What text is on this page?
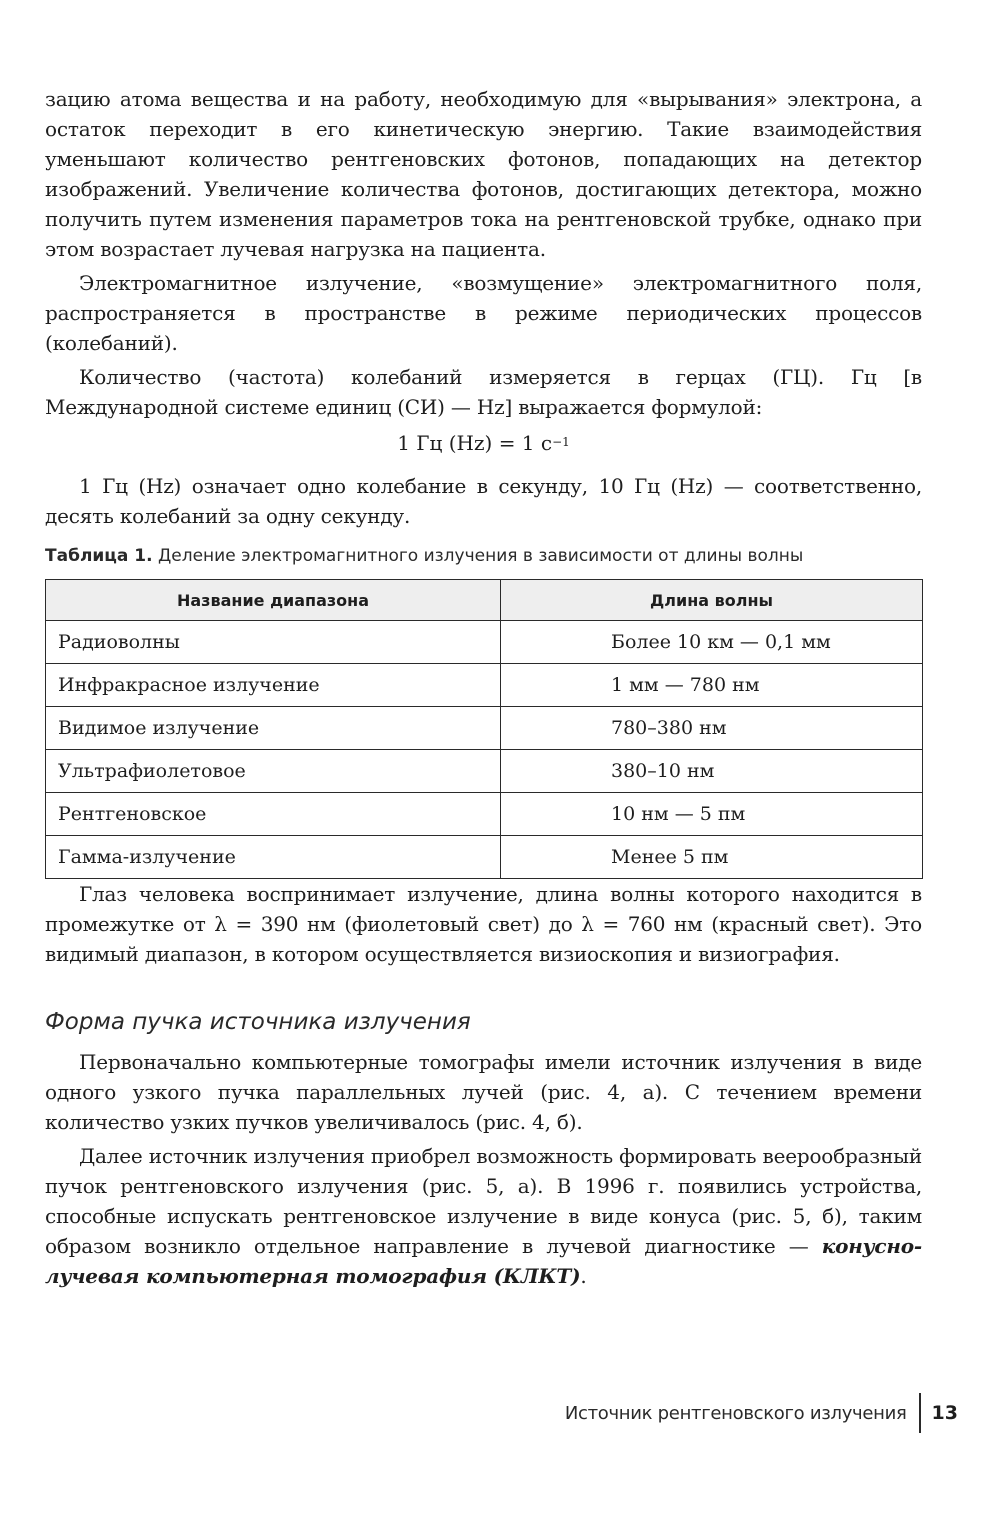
зацию атома вещества и на работу, необходимую для «вырывания» электрона, а остаток переходит в его кинетическую энергию. Такие взаимодействия уменьшают количество рентгеновских фотонов, попадающих на детектор изображений. Увеличение количества фотонов, достигающих детектора, можно получить путем изменения параметров тока на рентгеновской трубке, однако при этом возрастает лучевая нагрузка на пациента.

Электромагнитное излучение, «возмущение» электромагнитного поля, распространяется в пространстве в режиме периодических процессов (колебаний).

Количество (частота) колебаний измеряется в герцах (ГЦ). Гц [в Международной системе единиц (СИ) — Hz] выражается формулой:

1 Гц (Hz) = 1 $с^{-1}$

1 Гц (Hz) означает одно колебание в секунду, 10 Гц (Hz) — соответственно, десять колебаний за одну секунду.

Таблица 1. Деление электромагнитного излучения в зависимости от длины волны
Название диапазона	Длина волны
Радиоволны	Более 10 км — 0,1 мм
Инфракрасное излучение	1 мм — 780 нм
Видимое излучение	780–380 нм
Ультрафиолетовое	380–10 нм
Рентгеновское	10 нм — 5 пм
Гамма-излучение	Менее 5 пм

Глаз человека воспринимает излучение, длина волны которого находится в промежутке от λ = 390 нм (фиолетовый свет) до λ = 760 нм (красный свет). Это видимый диапазон, в котором осуществляется визиоскопия и визиография.

Форма пучка источника излучения

Первоначально компьютерные томографы имели источник излучения в виде одного узкого пучка параллельных лучей (рис. 4, а). С течением времени количество узких пучков увеличивалось (рис. 4, б).

Далее источник излучения приобрел возможность формировать веерообразный пучок рентгеновского излучения (рис. 5, а). В 1996 г. появились устройства, способные испускать рентгеновское излучение в виде конуса (рис. 5, б), таким образом возникло отдельное направление в лучевой диагностике — конусно-лучевая компьютерная томография (КЛКТ).

Источник рентгеновского излучения 13
